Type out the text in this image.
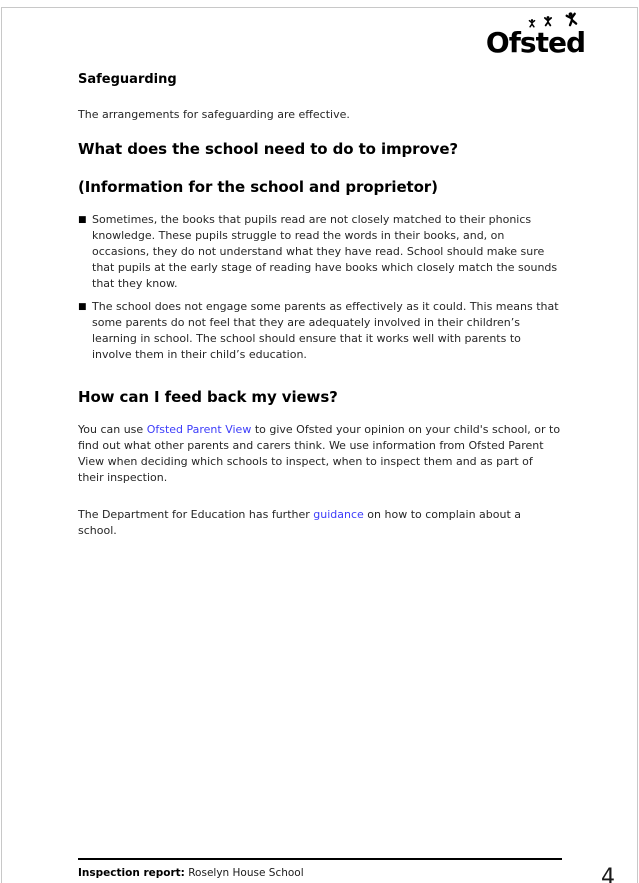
Ofsted
Safeguarding

The arrangements for safeguarding are effective.

What does the school need to do to improve?
(Information for the school and proprietor)
■ Sometimes, the books that pupils read are not closely matched to their phonics knowledge. These pupils struggle to read the words in their books, and, on occasions, they do not understand what they have read. School should make sure that pupils at the early stage of reading have books which closely match the sounds that they know.
■ The school does not engage some parents as effectively as it could. This means that some parents do not feel that they are adequately involved in their children’s learning in school. The school should ensure that it works well with parents to involve them in their child’s education.
How can I feed back my views?

You can use Ofsted Parent View to give Ofsted your opinion on your child's school, or to find out what other parents and carers think. We use information from Ofsted Parent View when deciding which schools to inspect, when to inspect them and as part of their inspection.

The Department for Education has further guidance on how to complain about a school.

Inspection report: Roselyn House School	4
